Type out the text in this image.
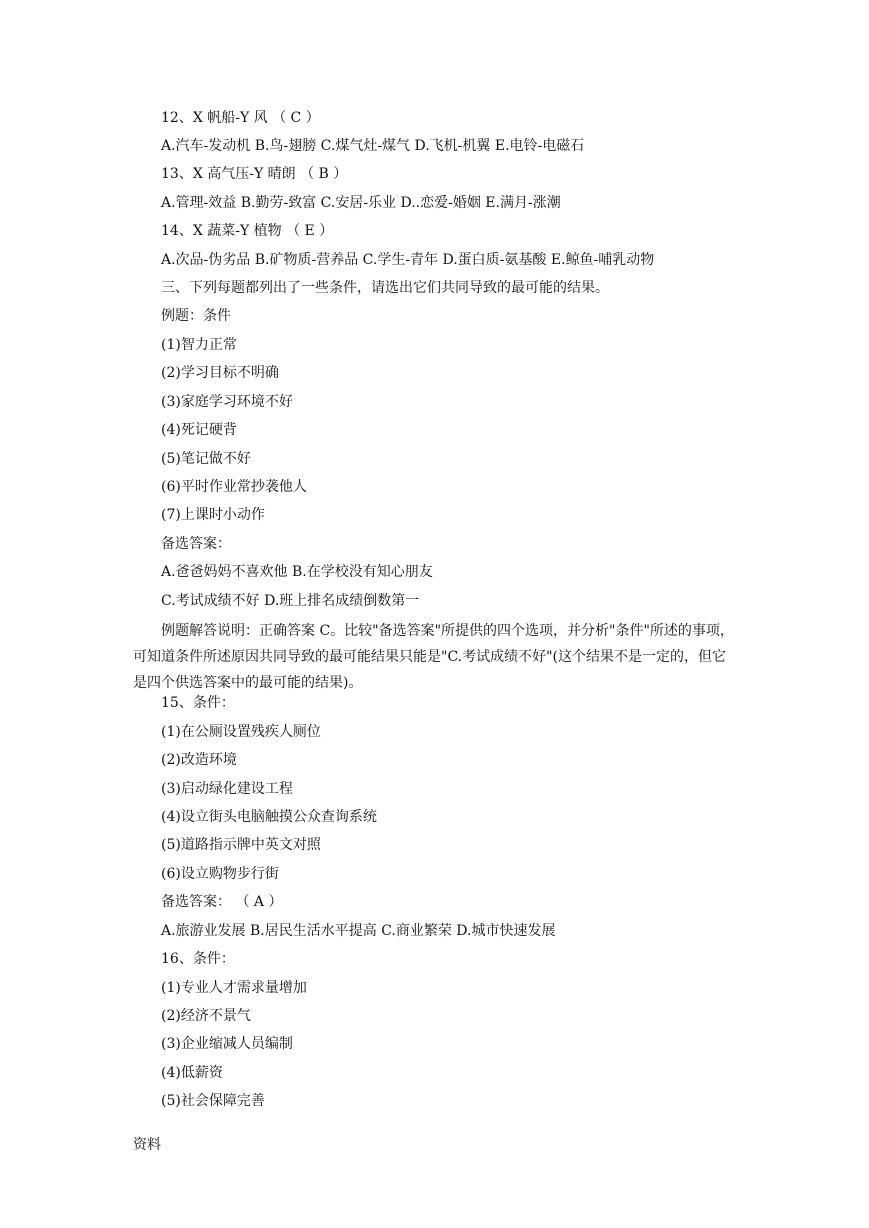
12、X 帆船-Y 风 （ C ）
A.汽车-发动机 B.鸟-翅膀 C.煤气灶-煤气 D.飞机-机翼 E.电铃-电磁石
13、X 高气压-Y 晴朗 （ B ）
A.管理-效益 B.勤劳-致富 C.安居-乐业 D..恋爱-婚姻 E.满月-涨潮
14、X 蔬菜-Y 植物 （ E ）
A.次品-伪劣品 B.矿物质-营养品 C.学生-青年 D.蛋白质-氨基酸 E.鲸鱼-哺乳动物
三、下列每题都列出了一些条件，请选出它们共同导致的最可能的结果。
例题：条件
(1)智力正常
(2)学习目标不明确
(3)家庭学习环境不好
(4)死记硬背
(5)笔记做不好
(6)平时作业常抄袭他人
(7)上课时小动作
备选答案：
A.爸爸妈妈不喜欢他 B.在学校没有知心朋友
C.考试成绩不好 D.班上排名成绩倒数第一
例题解答说明：正确答案 C。比较"备选答案"所提供的四个选项，并分析"条件"所述的事项，可知道条件所述原因共同导致的最可能结果只能是"C.考试成绩不好"(这个结果不是一定的，但它是四个供选答案中的最可能的结果)。
15、条件：
(1)在公厕设置残疾人厕位
(2)改造环境
(3)启动绿化建设工程
(4)设立街头电脑触摸公众查询系统
(5)道路指示牌中英文对照
(6)设立购物步行街
备选答案： （ A ）
A.旅游业发展 B.居民生活水平提高 C.商业繁荣 D.城市快速发展
16、条件：
(1)专业人才需求量增加
(2)经济不景气
(3)企业缩减人员编制
(4)低薪资
(5)社会保障完善
资料
